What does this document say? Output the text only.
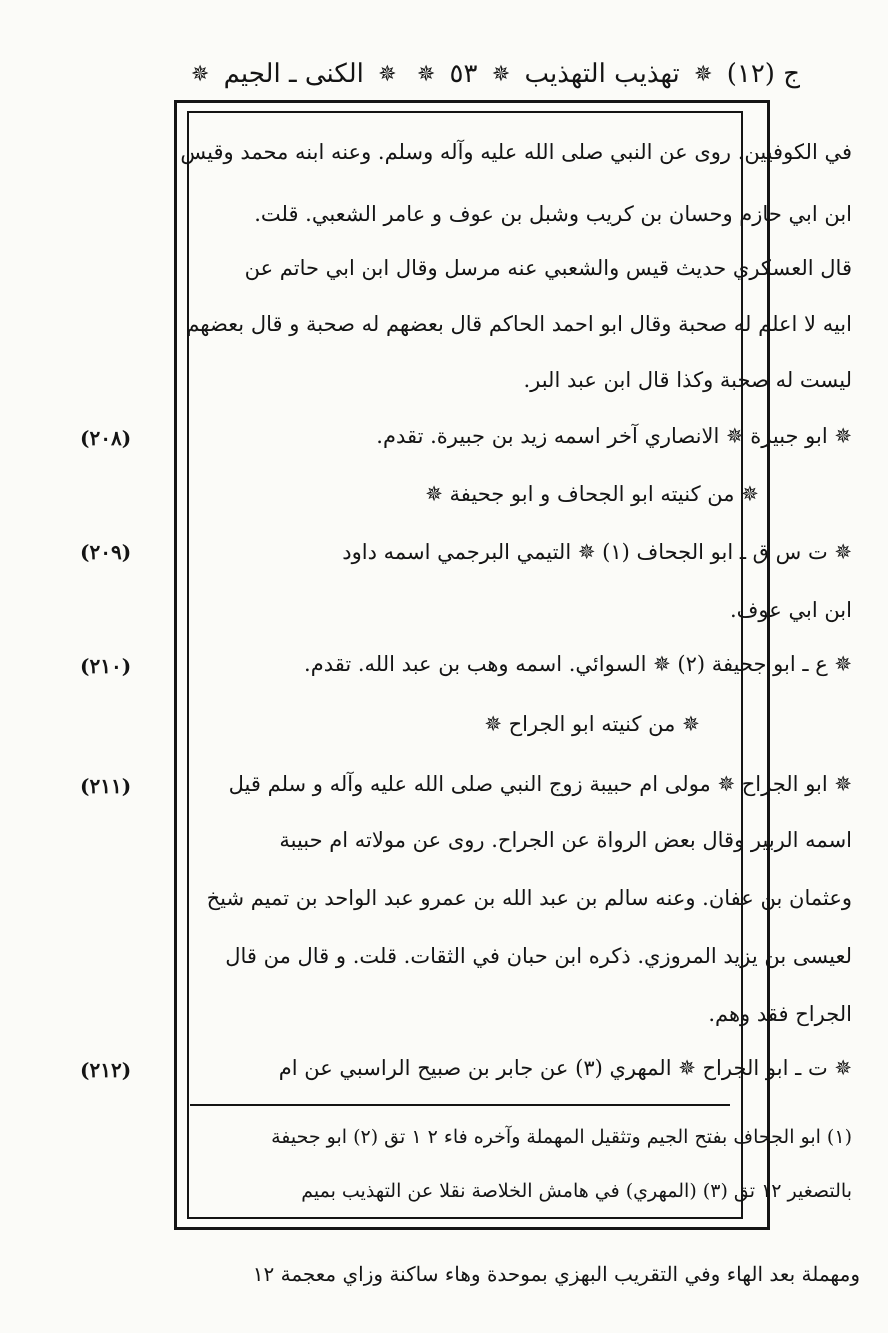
ج (١٢) ✵ تهذيب التهذيب ✵ ٥٣ ✵ ✵ الكنى ـ الجيم ✵
في الكوفيين. روى عن النبي صلى الله عليه وآله وسلم. وعنه ابنه محمد وقيس
ابن ابي حازم وحسان بن كريب وشبل بن عوف و عامر الشعبي. قلت.
قال العسكري حديث قيس والشعبي عنه مرسل وقال ابن ابي حاتم عن
ابيه لا اعلم له صحبة وقال ابو احمد الحاكم قال بعضهم له صحبة و قال بعضهم
ليست له صحبة وكذا قال ابن عبد البر.
(٢٠٨)	✵ ابو جبيرة ✵ الانصاري آخر اسمه زيد بن جبيرة. تقدم.
✵ من كنيته ابو الجحاف و ابو جحيفة ✵
(٢٠٩)	✵ ت س ق ـ ابو الجحاف (١) ✵ التيمي البرجمي اسمه داود
ابن ابي عوف.
(٢١٠)	✵ ع ـ ابو جحيفة (٢) ✵ السوائي. اسمه وهب بن عبد الله. تقدم.
✵ من كنيته ابو الجراح ✵
(٢١١)	✵ ابو الجراح ✵ مولى ام حبيبة زوج النبي صلى الله عليه وآله و سلم قيل
اسمه الربير وقال بعض الرواة عن الجراح. روى عن مولاته ام حبيبة
وعثمان بن عفان. وعنه سالم بن عبد الله بن عمرو عبد الواحد بن تميم شيخ
لعيسى بن يزيد المروزي. ذكره ابن حبان في الثقات. قلت. و قال من قال
الجراح فقد وهم.
(٢١٢)	✵ ت ـ ابو الجراح ✵ المهري (٣) عن جابر بن صبيح الراسبي عن ام
(١) ابو الجحاف بفتح الجيم وتثقيل المهملة وآخره فاء ٢ ١ تق (٢) ابو جحيفة
بالتصغير ١٢ تق (٣) (المهري) في هامش الخلاصة نقلا عن التهذيب بميم
ومهملة بعد الهاء وفي التقريب البهزي بموحدة وهاء ساكنة وزاي معجمة ١٢
